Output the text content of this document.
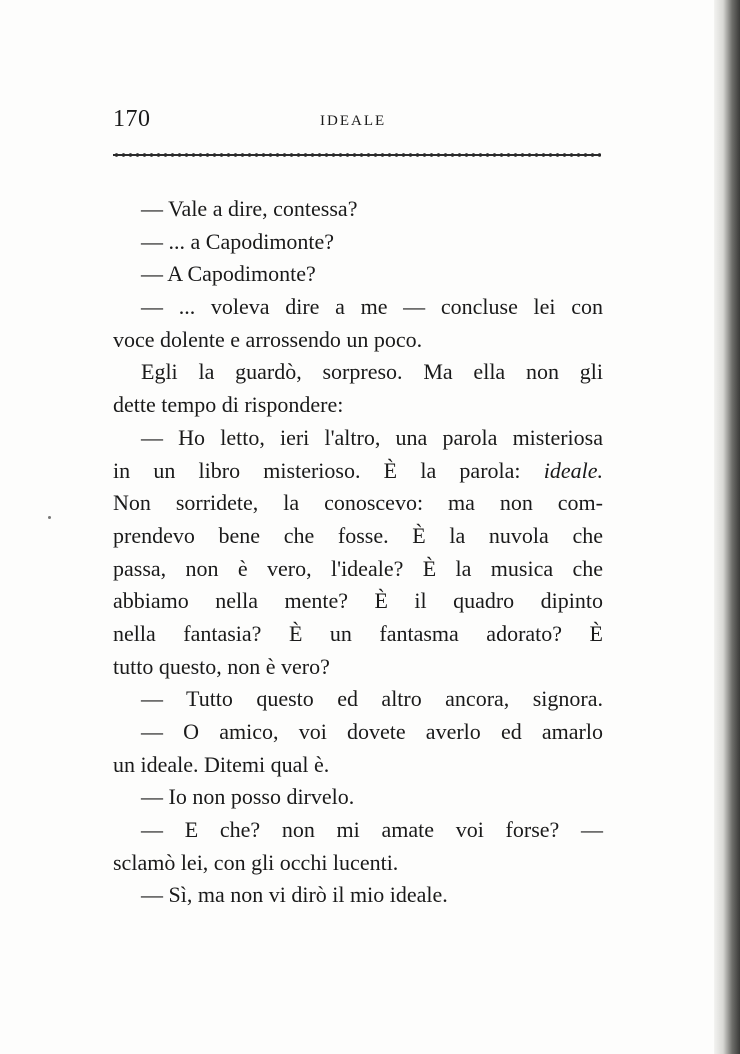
170	IDEALE
— Vale a dire, contessa?
— ... a Capodimonte?
— A Capodimonte?
— ... voleva dire a me — concluse lei con
voce dolente e arrossendo un poco.
Egli la guardò, sorpreso. Ma ella non gli
dette tempo di rispondere:
— Ho letto, ieri l'altro, una parola misteriosa
in un libro misterioso. È la parola: ideale.
Non sorridete, la conoscevo: ma non com-
prendevo bene che fosse. È la nuvola che
passa, non è vero, l'ideale? È la musica che
abbiamo nella mente? È il quadro dipinto
nella fantasia? È un fantasma adorato? È
tutto questo, non è vero?
— Tutto questo ed altro ancora, signora.
— O amico, voi dovete averlo ed amarlo
un ideale. Ditemi qual è.
— Io non posso dirvelo.
— E che? non mi amate voi forse? —
sclamò lei, con gli occhi lucenti.
— Sì, ma non vi dirò il mio ideale.
